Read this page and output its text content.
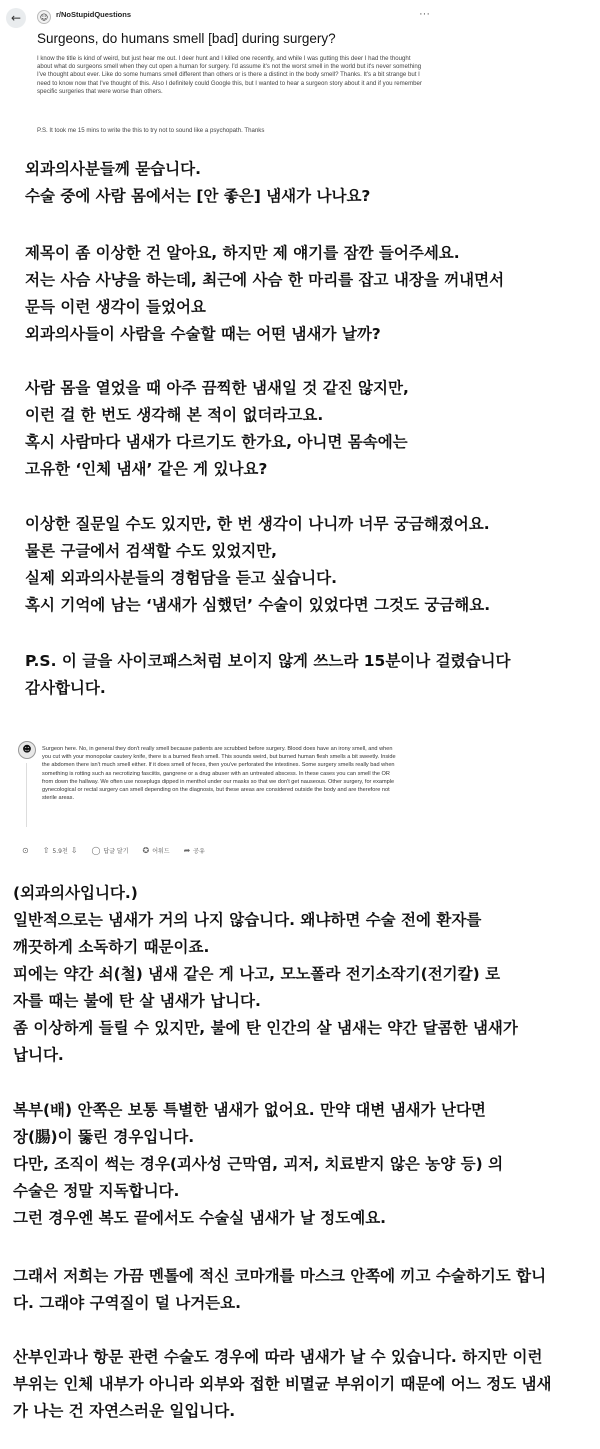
←	☺	r/NoStupidQuestions	···
Surgeons, do humans smell [bad] during surgery?
I know the title is kind of weird, but just hear me out. I deer hunt and I killed one recently, and while I was gutting this deer I had the thought about what do surgeons smell when they cut open a human for surgery. I'd assume it's not the worst smell in the world but it's never something I've thought about ever. Like do some humans smell different than others or is there a distinct in the body smell? Thanks. It's a bit strange but I need to know now that I've thought of this. Also I definitely could Google this, but I wanted to hear a surgeon story about it and if you remember specific surgeries that were worse than others.
P.S. It took me 15 mins to write the this to try not to sound like a psychopath. Thanks
외과의사분들께 묻습니다.
수술 중에 사람 몸에서는 [안 좋은] 냄새가 나나요?
제목이 좀 이상한 건 알아요, 하지만 제 얘기를 잠깐 들어주세요.
저는 사슴 사냥을 하는데, 최근에 사슴 한 마리를 잡고 내장을 꺼내면서
문득 이런 생각이 들었어요
외과의사들이 사람을 수술할 때는 어떤 냄새가 날까?
사람 몸을 열었을 때 아주 끔찍한 냄새일 것 같진 않지만,
이런 걸 한 번도 생각해 본 적이 없더라고요.
혹시 사람마다 냄새가 다르기도 한가요, 아니면 몸속에는
고유한 ‘인체 냄새’ 같은 게 있나요?
이상한 질문일 수도 있지만, 한 번 생각이 나니까 너무 궁금해졌어요.
물론 구글에서 검색할 수도 있었지만,
실제 외과의사분들의 경험담을 듣고 싶습니다.
혹시 기억에 남는 ‘냄새가 심했던’ 수술이 있었다면 그것도 궁금해요.
P.S. 이 글을 사이코패스처럼 보이지 않게 쓰느라 15분이나 걸렸습니다
감사합니다.
☻	Surgeon here. No, in general they don't really smell because patients are scrubbed before surgery. Blood does have an irony smell, and when you cut with your monopolar cautery knife, there is a burned flesh smell. This sounds weird, but burned human flesh smells a bit sweetly. Inside the abdomen there isn't much smell either. If it does smell of feces, then you've perforated the intestines. Some surgery smells really bad when something is rotting such as necrotizing fasciitis, gangrene or a drug abuser with an untreated abscess. In these cases you can smell the OR from down the hallway. We often use noseplugs dipped in menthol under our masks so that we don't get nauseous. Other surgery, for example gynecological or rectal surgery can smell depending on the diagnosis, but these areas are considered outside the body and are therefore not sterile areas.
⊙ ⇧ 5.9천 ⇩ ◯ 답글 달기 ✪ 어워드 ➦ 공유
(외과의사입니다.)
일반적으로는 냄새가 거의 나지 않습니다. 왜냐하면 수술 전에 환자를
깨끗하게 소독하기 때문이죠.
피에는 약간 쇠(철) 냄새 같은 게 나고, 모노폴라 전기소작기(전기칼) 로
자를 때는 불에 탄 살 냄새가 납니다.
좀 이상하게 들릴 수 있지만, 불에 탄 인간의 살 냄새는 약간 달콤한 냄새가
납니다.
복부(배) 안쪽은 보통 특별한 냄새가 없어요. 만약 대변 냄새가 난다면
장(腸)이 뚫린 경우입니다.
다만, 조직이 썩는 경우(괴사성 근막염, 괴저, 치료받지 않은 농양 등) 의
수술은 정말 지독합니다.
그런 경우엔 복도 끝에서도 수술실 냄새가 날 정도예요.
그래서 저희는 가끔 멘톨에 적신 코마개를 마스크 안쪽에 끼고 수술하기도 합니
다. 그래야 구역질이 덜 나거든요.
산부인과나 항문 관련 수술도 경우에 따라 냄새가 날 수 있습니다. 하지만 이런
부위는 인체 내부가 아니라 외부와 접한 비멸균 부위이기 때문에 어느 정도 냄새
가 나는 건 자연스러운 일입니다.
